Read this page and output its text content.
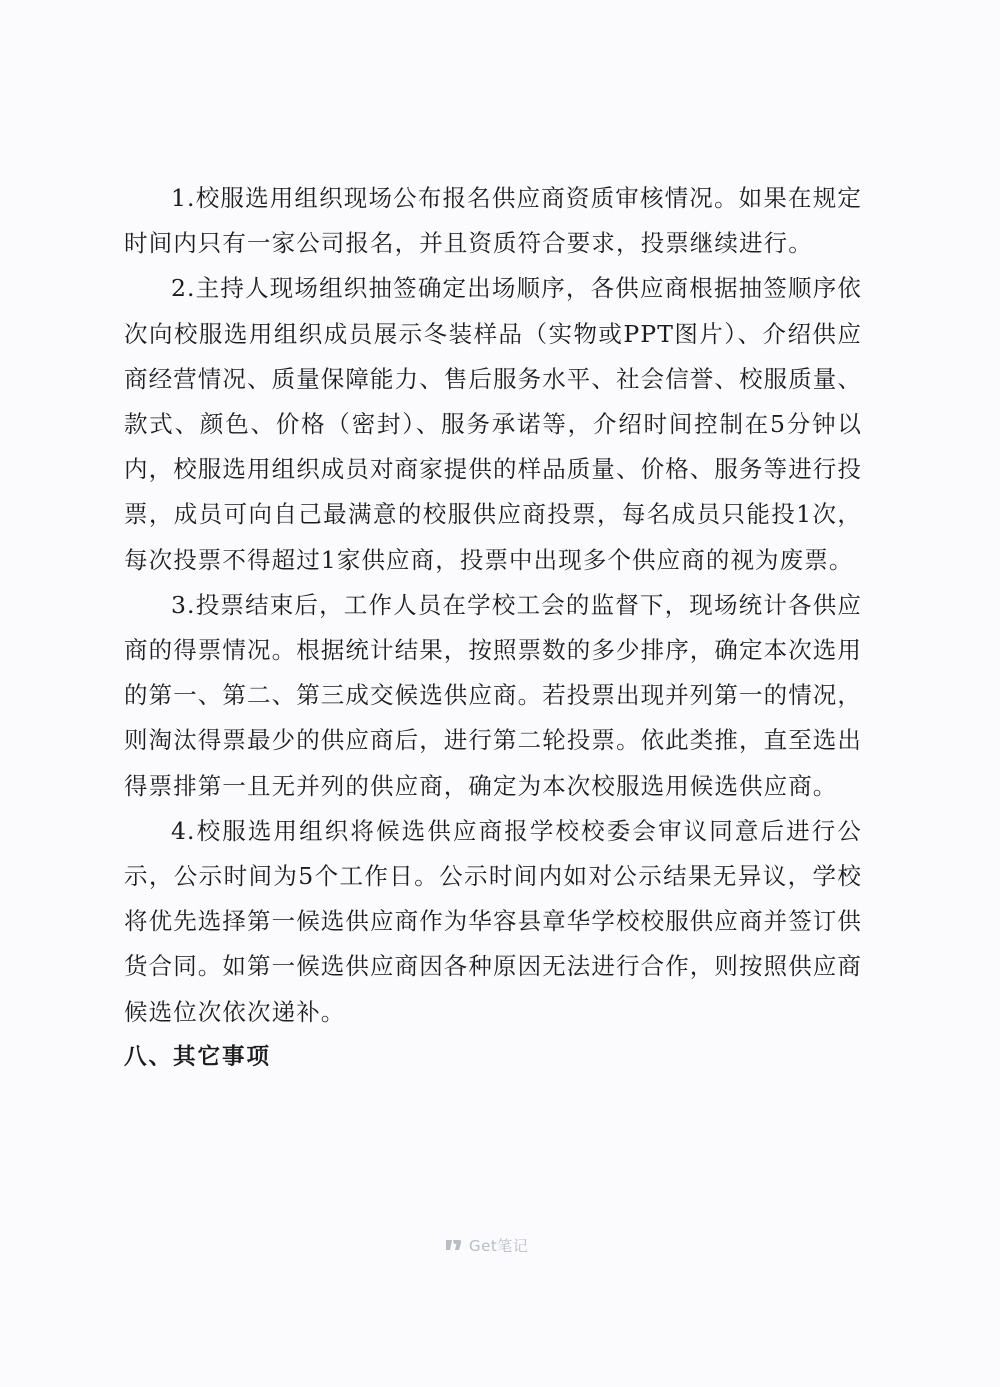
1.校服选用组织现场公布报名供应商资质审核情况。如果在规定时间内只有一家公司报名，并且资质符合要求，投票继续进行。

2.主持人现场组织抽签确定出场顺序，各供应商根据抽签顺序依次向校服选用组织成员展示冬装样品（实物或PPT图片）、介绍供应商经营情况、质量保障能力、售后服务水平、社会信誉、校服质量、款式、颜色、价格（密封）、服务承诺等，介绍时间控制在5分钟以内，校服选用组织成员对商家提供的样品质量、价格、服务等进行投票，成员可向自己最满意的校服供应商投票，每名成员只能投1次，每次投票不得超过1家供应商，投票中出现多个供应商的视为废票。

3.投票结束后，工作人员在学校工会的监督下，现场统计各供应商的得票情况。根据统计结果，按照票数的多少排序，确定本次选用的第一、第二、第三成交候选供应商。若投票出现并列第一的情况，则淘汰得票最少的供应商后，进行第二轮投票。依此类推，直至选出得票排第一且无并列的供应商，确定为本次校服选用候选供应商。

4.校服选用组织将候选供应商报学校校委会审议同意后进行公示，公示时间为5个工作日。公示时间内如对公示结果无异议，学校将优先选择第一候选供应商作为华容县章华学校校服供应商并签订供货合同。如第一候选供应商因各种原因无法进行合作，则按照供应商候选位次依次递补。

八、其它事项

Get笔记
